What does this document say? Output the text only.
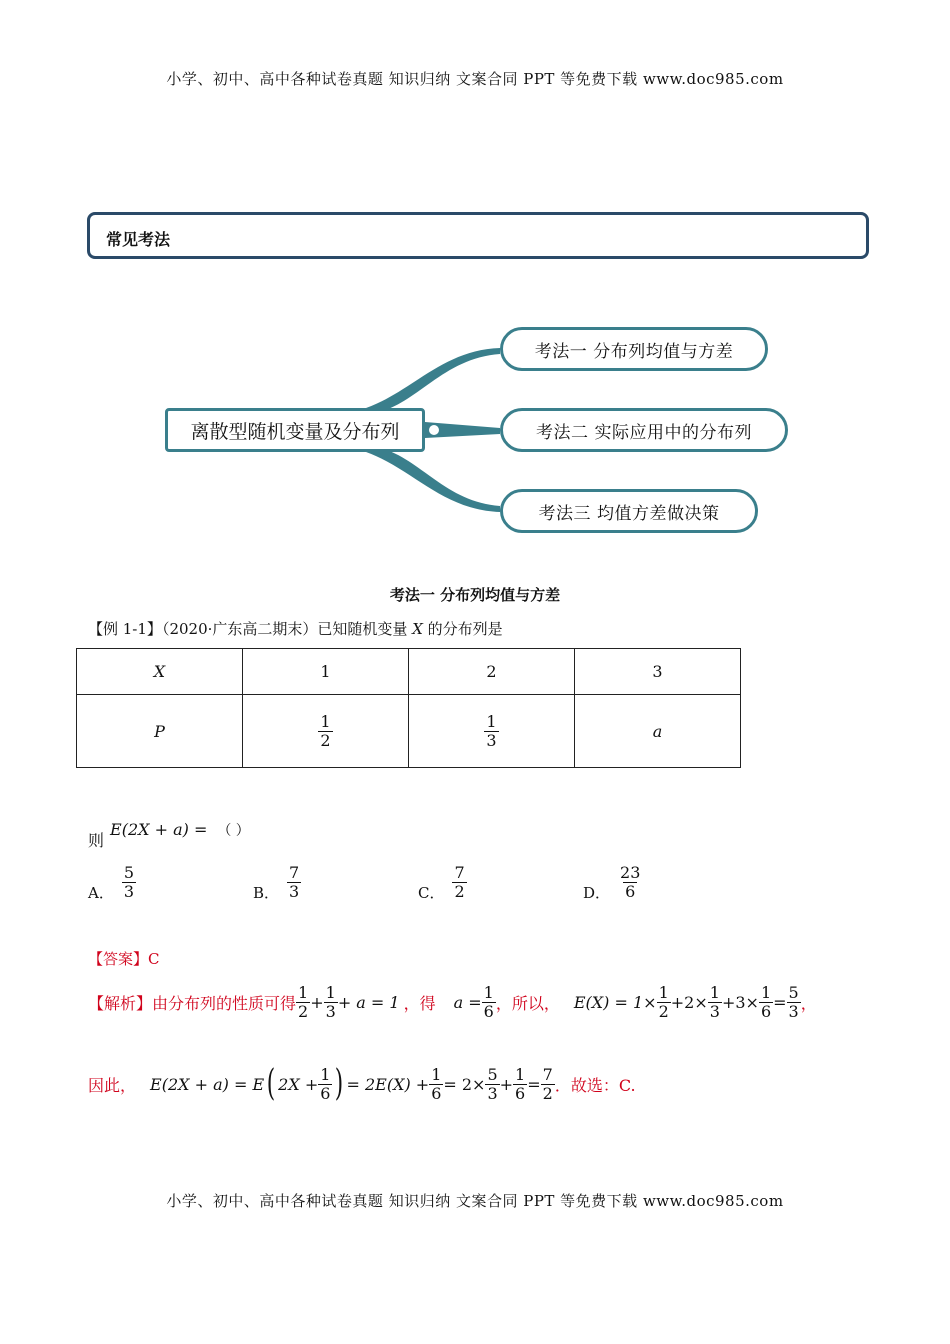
小学、初中、高中各种试卷真题 知识归纳 文案合同 PPT 等免费下载 www.doc985.com
常见考法
离散型随机变量及分布列
考法一 分布列均值与方差
考法二 实际应用中的分布列
考法三 均值方差做决策
考法一 分布列均值与方差
【例 1-1】（2020·广东高二期末）已知随机变量 X 的分布列是
X	1	2	3
P	$\frac{1}{2}$	$\frac{1}{3}$	a
则
E(2X + a) = （ ）
A． $\frac{5}{3}$	B． $\frac{7}{3}$	C． $\frac{7}{2}$	D． $\frac{23}{6}$
【答案】C
【解析】 由分布列的性质可得 $\frac{1}{2} + \frac{1}{3} + a = 1$ ，得 $a = \frac{1}{6}$ ，所以， $E(X) = 1\times \frac{1}{2} +2\times \frac{1}{3} +3\times \frac{1}{6} = \frac{5}{3}$ ，
因此， E(2X + a) = E ( $2X + \frac{1}{6}$ ) = $2E(X) + \frac{1}{6} = 2\times \frac{5}{3} + \frac{1}{6} = \frac{7}{2}$ ．故选：C.
小学、初中、高中各种试卷真题 知识归纳 文案合同 PPT 等免费下载 www.doc985.com
